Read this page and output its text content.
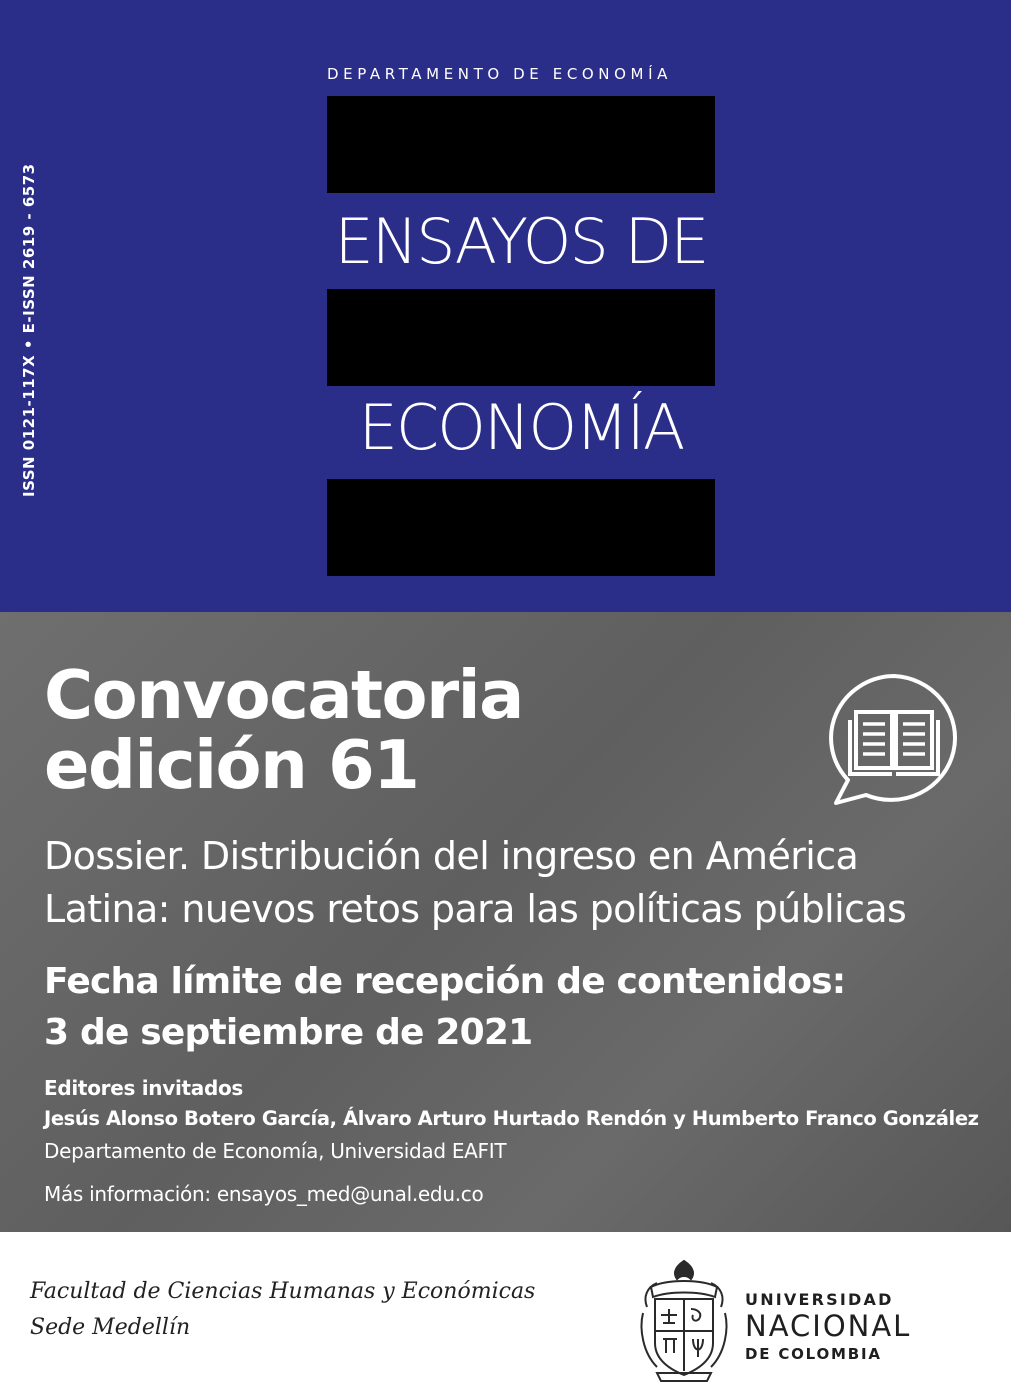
ISSN 0121-117X • E-ISSN 2619 - 6573
DEPARTAMENTO DE ECONOMÍA
ENSAYOS DE
ECONOMÍA
Convocatoria
edición 61
Dossier. Distribución del ingreso en América
Latina: nuevos retos para las políticas públicas
Fecha límite de recepción de contenidos:
3 de septiembre de 2021
Editores invitados
Jesús Alonso Botero García, Álvaro Arturo Hurtado Rendón y Humberto Franco González
Departamento de Economía, Universidad EAFIT
Más información: ensayos_med@unal.edu.co
Facultad de Ciencias Humanas y Económicas
Sede Medellín
UNIVERSIDAD
NACIONAL
DE COLOMBIA
